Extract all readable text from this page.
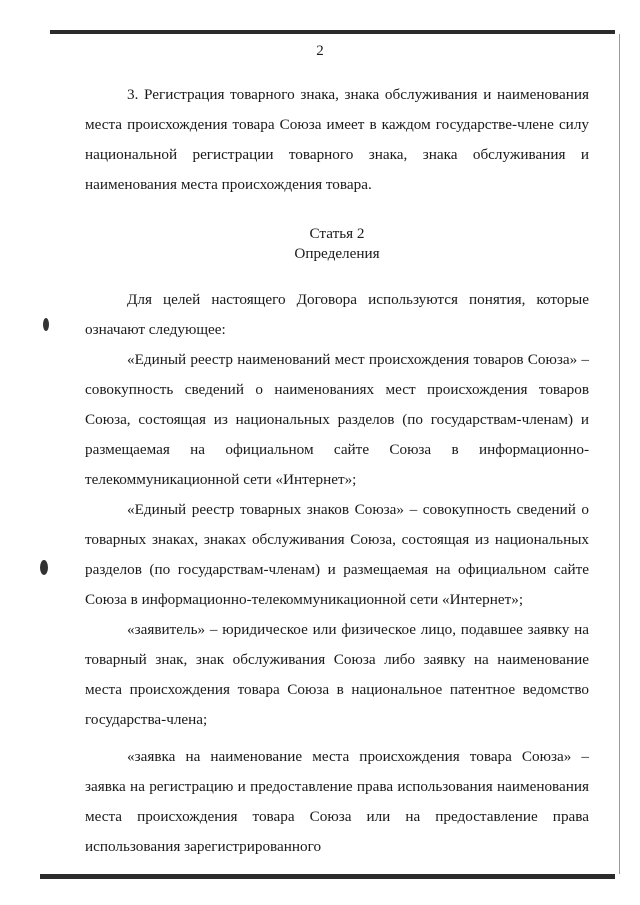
2

3. Регистрация товарного знака, знака обслуживания и наименования места происхождения товара Союза имеет в каждом государстве-члене силу национальной регистрации товарного знака, знака обслуживания и наименования места происхождения товара.

Статья 2

Определения

Для целей настоящего Договора используются понятия, которые означают следующее:

«Единый реестр наименований мест происхождения товаров Союза» – совокупность сведений о наименованиях мест происхождения товаров Союза, состоящая из национальных разделов (по государствам-членам) и размещаемая на официальном сайте Союза в информационно-телекоммуникационной сети «Интернет»;

«Единый реестр товарных знаков Союза» – совокупность сведений о товарных знаках, знаках обслуживания Союза, состоящая из национальных разделов (по государствам-членам) и размещаемая на официальном сайте Союза в информационно-телекоммуникационной сети «Интернет»;

«заявитель» – юридическое или физическое лицо, подавшее заявку на товарный знак, знак обслуживания Союза либо заявку на наименование места происхождения товара Союза в национальное патентное ведомство государства-члена;

«заявка на наименование места происхождения товара Союза» – заявка на регистрацию и предоставление права использования наименования места происхождения товара Союза или на предоставление права использования зарегистрированного
